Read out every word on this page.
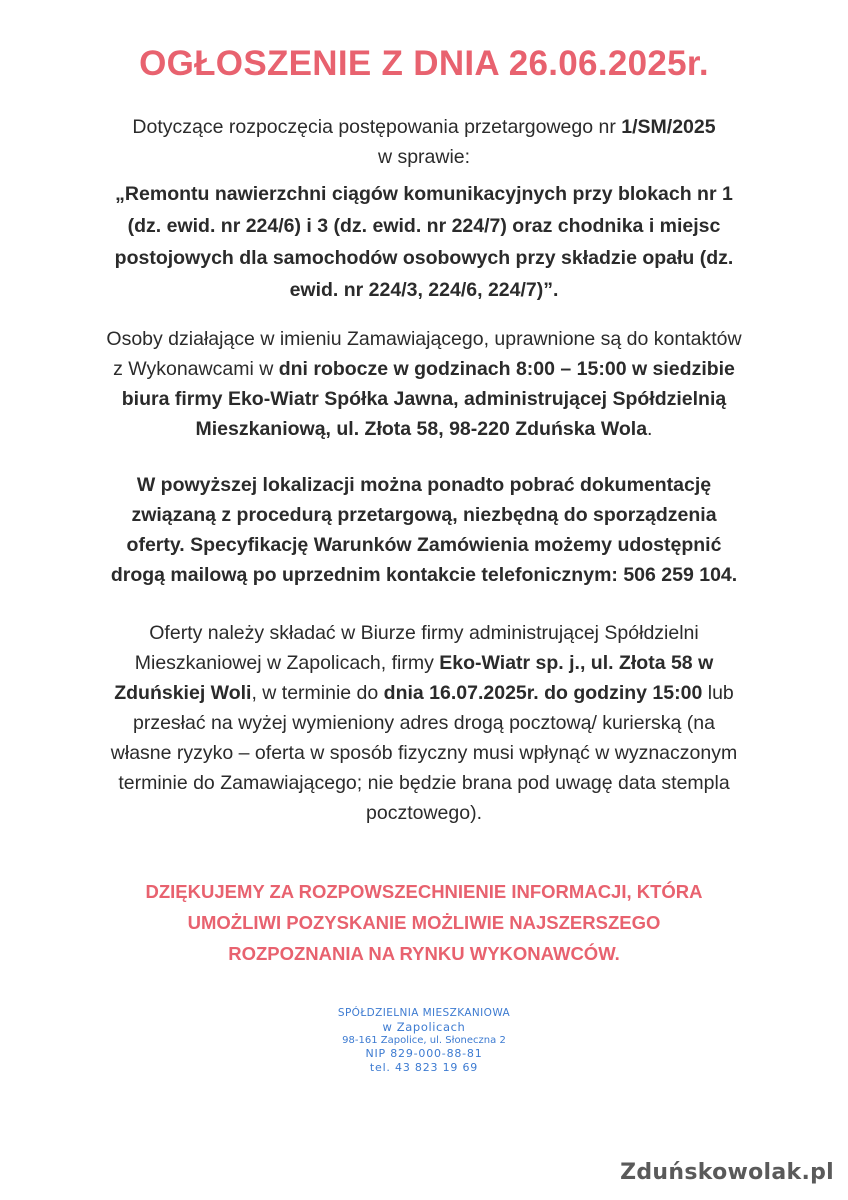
OGŁOSZENIE Z DNIA 26.06.2025r.

Dotyczące rozpoczęcia postępowania przetargowego nr 1/SM/2025

w sprawie:

„Remontu nawierzchni ciągów komunikacyjnych przy blokach nr 1
(dz. ewid. nr 224/6) i 3 (dz. ewid. nr 224/7) oraz chodnika i miejsc
postojowych dla samochodów osobowych przy składzie opału (dz.
ewid. nr 224/3, 224/6, 224/7)”.

Osoby działające w imieniu Zamawiającego, uprawnione są do kontaktów

z Wykonawcami w dni robocze w godzinach 8:00 – 15:00 w siedzibie

biura firmy Eko-Wiatr Spółka Jawna, administrującej Spółdzielnią

Mieszkaniową, ul. Złota 58, 98-220 Zduńska Wola.

W powyższej lokalizacji można ponadto pobrać dokumentację

związaną z procedurą przetargową, niezbędną do sporządzenia

oferty. Specyfikację Warunków Zamówienia możemy udostępnić

drogą mailową po uprzednim kontakcie telefonicznym: 506 259 104.

Oferty należy składać w Biurze firmy administrującej Spółdzielni

Mieszkaniowej w Zapolicach, firmy Eko-Wiatr sp. j., ul. Złota 58 w

Zduńskiej Woli, w terminie do dnia 16.07.2025r. do godziny 15:00 lub

przesłać na wyżej wymieniony adres drogą pocztową/ kurierską (na

własne ryzyko – oferta w sposób fizyczny musi wpłynąć w wyznaczonym

terminie do Zamawiającego; nie będzie brana pod uwagę data stempla

pocztowego).

DZIĘKUJEMY ZA ROZPOWSZECHNIENIE INFORMACJI, KTÓRA
UMOŻLIWI POZYSKANIE MOŻLIWIE NAJSZERSZEGO
ROZPOZNANIA NA RYNKU WYKONAWCÓW.
SPÓŁDZIELNIA MIESZKANIOWA
w Zapolicach
98-161 Zapolice, ul. Słoneczna 2
NIP 829-000-88-81
tel. 43 823 19 69
Zduńskowolak.pl
